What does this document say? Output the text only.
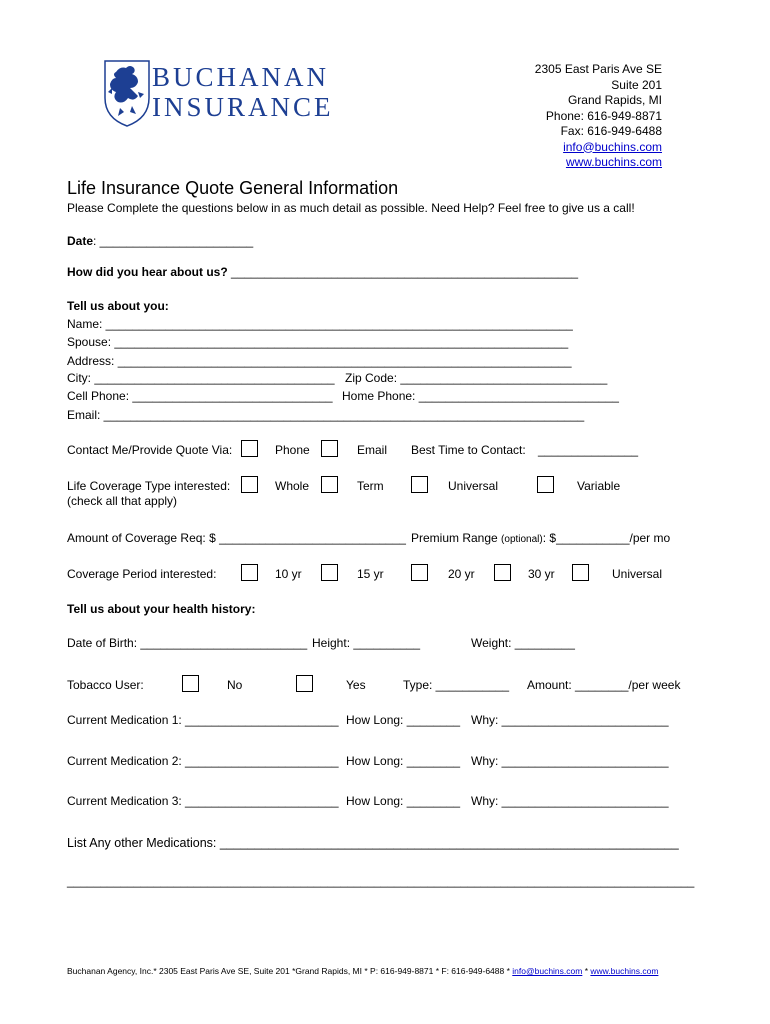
BUCHANAN
INSURANCE
2305 East Paris Ave SE
Suite 201
Grand Rapids, MI
Phone: 616-949-8871
Fax: 616-949-6488
info@buchins.com
www.buchins.com
Life Insurance Quote General Information
Please Complete the questions below in as much detail as possible. Need Help? Feel free to give us a call!
Date: _______________________
How did you hear about us? ____________________________________________________
Tell us about you:
Name: ______________________________________________________________________
Spouse: ____________________________________________________________________
Address: ____________________________________________________________________
City: ____________________________________ Zip Code: _______________________________
Cell Phone: ______________________________ Home Phone: ______________________________
Email: ________________________________________________________________________
Contact Me/Provide Quote Via:	Phone	Email Best Time to Contact: _______________
Life Coverage Type interested:
(check all that apply)
Whole	Term	Universal	Variable
Amount of Coverage Req: $ ____________________________ Premium Range (optional): $___________/per mo
Coverage Period interested:	10 yr	15 yr	20 yr	30 yr	Universal
Tell us about your health history:
Date of Birth: _________________________ Height: __________	Weight: _________
Tobacco User:	No	Yes	Type: ___________ Amount: ________/per week
Current Medication 1: _______________________ How Long: ________ Why: _________________________
Current Medication 2: _______________________ How Long: ________ Why: _________________________
Current Medication 3: _______________________ How Long: ________ Why: _________________________
List Any other Medications: __________________________________________________________________
______________________________________________________________________________________________
Buchanan Agency, Inc.* 2305 East Paris Ave SE, Suite 201 *Grand Rapids, MI * P: 616-949-8871 * F: 616-949-6488 * info@buchins.com * www.buchins.com
